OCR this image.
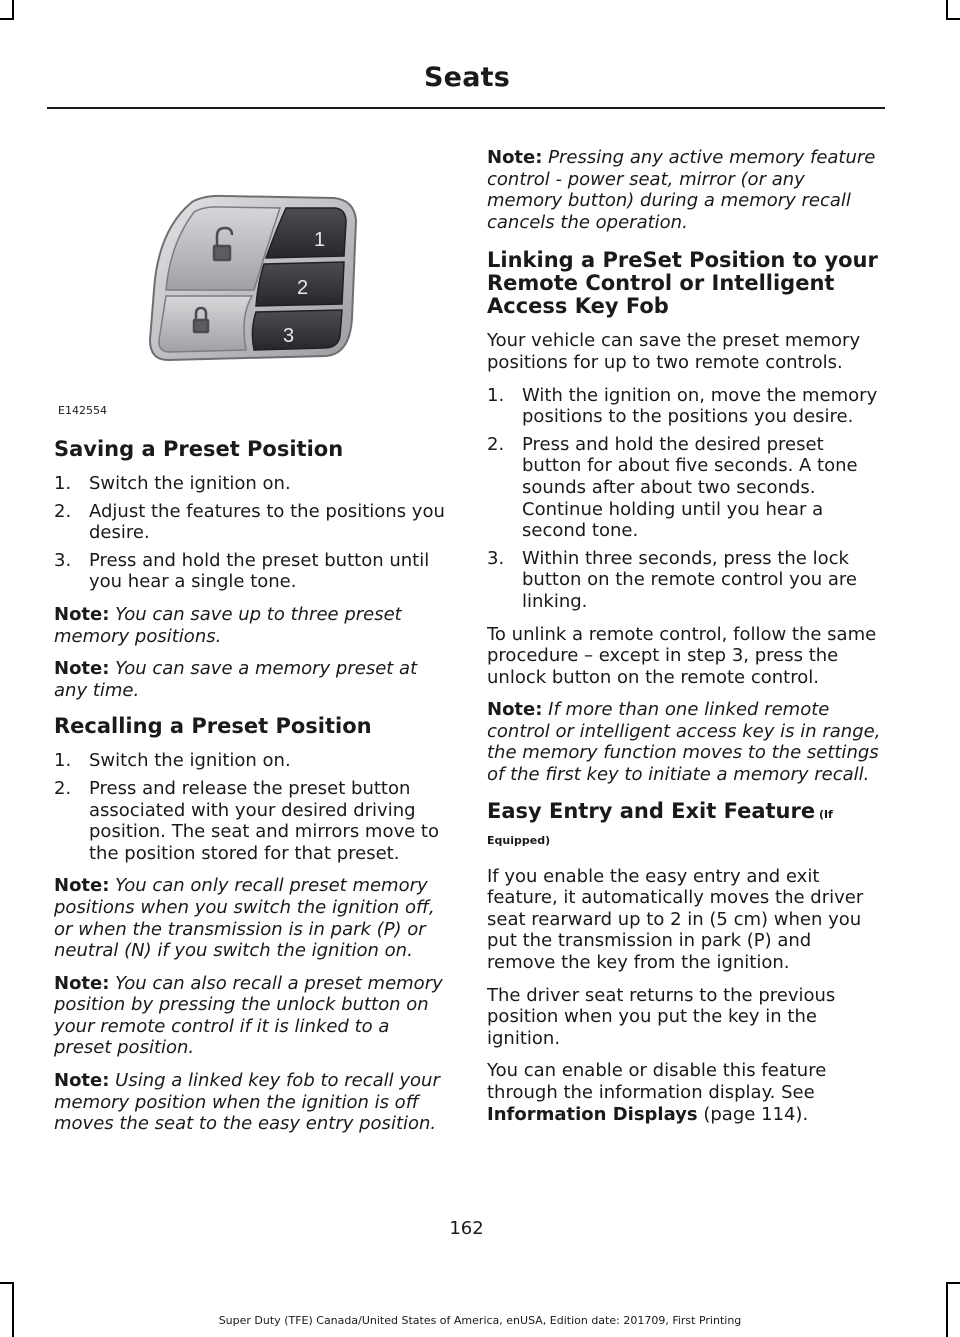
Seats
1
2
3
E142554
Saving a Preset Position
1. Switch the ignition on.
2. Adjust the features to the positions you desire.
3. Press and hold the preset button until you hear a single tone.

Note: You can save up to three preset memory positions.

Note: You can save a memory preset at any time.

Recalling a Preset Position
1. Switch the ignition on.
2. Press and release the preset button associated with your desired driving position. The seat and mirrors move to the position stored for that preset.

Note: You can only recall preset memory positions when you switch the ignition off, or when the transmission is in park (P) or neutral (N) if you switch the ignition on.

Note: You can also recall a preset memory position by pressing the unlock button on your remote control if it is linked to a preset position.

Note: Using a linked key fob to recall your memory position when the ignition is off moves the seat to the easy entry position.

Note: Pressing any active memory feature control - power seat, mirror (or any memory button) during a memory recall cancels the operation.

Linking a PreSet Position to your Remote Control or Intelligent Access Key Fob

Your vehicle can save the preset memory positions for up to two remote controls.

1. With the ignition on, move the memory positions to the positions you desire.
2. Press and hold the desired preset button for about five seconds. A tone sounds after about two seconds. Continue holding until you hear a second tone.
3. Within three seconds, press the lock button on the remote control you are linking.

To unlink a remote control, follow the same procedure – except in step 3, press the unlock button on the remote control.

Note: If more than one linked remote control or intelligent access key is in range, the memory function moves to the settings of the first key to initiate a memory recall.

Easy Entry and Exit Feature (If Equipped)

If you enable the easy entry and exit feature, it automatically moves the driver seat rearward up to 2 in (5 cm) when you put the transmission in park (P) and remove the key from the ignition.

The driver seat returns to the previous position when you put the key in the ignition.

You can enable or disable this feature through the information display. See Information Displays (page 114).

162
Super Duty (TFE) Canada/United States of America, enUSA, Edition date: 201709, First Printing
